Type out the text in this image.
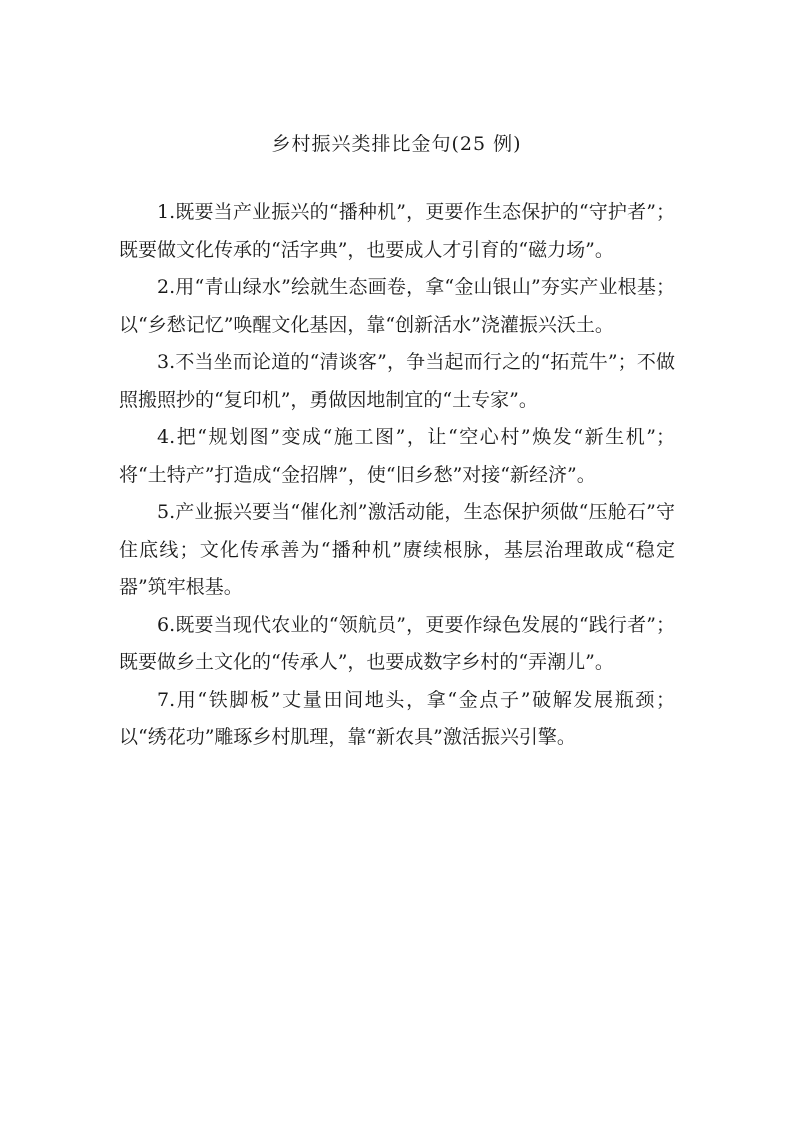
乡村振兴类排比金句(25 例)

1.既要当产业振兴的“播种机”，更要作生态保护的“守护者”；既要做文化传承的“活字典”，也要成人才引育的“磁力场”。

2.用“青山绿水”绘就生态画卷，拿“金山银山”夯实产业根基；以“乡愁记忆”唤醒文化基因，靠“创新活水”浇灌振兴沃土。

3.不当坐而论道的“清谈客”，争当起而行之的“拓荒牛”；不做照搬照抄的“复印机”，勇做因地制宜的“土专家”。

4.把“规划图”变成“施工图”，让“空心村”焕发“新生机”；将“土特产”打造成“金招牌”，使“旧乡愁”对接“新经济”。

5.产业振兴要当“催化剂”激活动能，生态保护须做“压舱石”守住底线；文化传承善为“播种机”赓续根脉，基层治理敢成“稳定器”筑牢根基。

6.既要当现代农业的“领航员”，更要作绿色发展的“践行者”；既要做乡土文化的“传承人”，也要成数字乡村的“弄潮儿”。

7.用“铁脚板”丈量田间地头，拿“金点子”破解发展瓶颈；以“绣花功”雕琢乡村肌理，靠“新农具”激活振兴引擎。
